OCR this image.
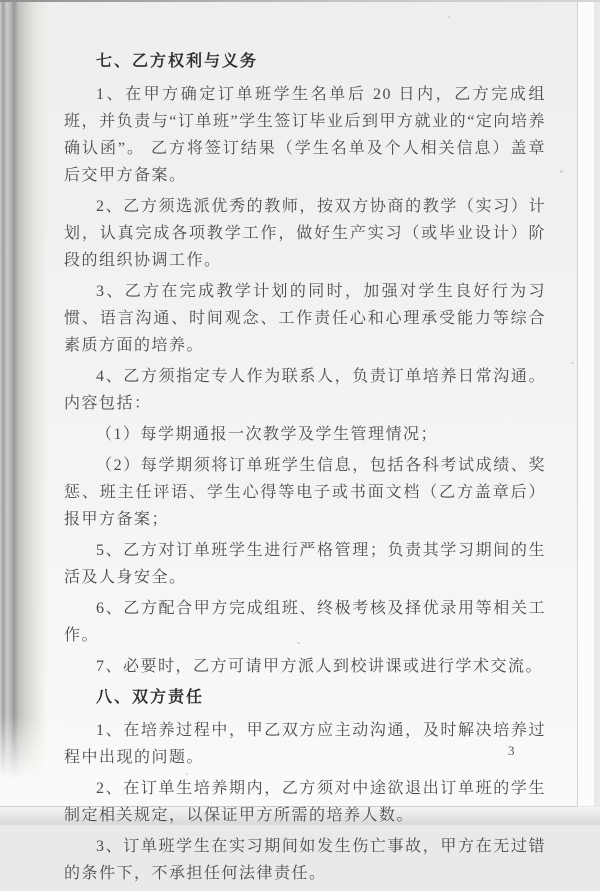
七、乙方权利与义务
1、在甲方确定订单班学生名单后 20 日内，乙方完成组班，并负责与“订单班”学生签订毕业后到甲方就业的“定向培养确认函”。 乙方将签订结果（学生名单及个人相关信息）盖章后交甲方备案。
2、乙方须选派优秀的教师，按双方协商的教学（实习）计划，认真完成各项教学工作，做好生产实习（或毕业设计）阶段的组织协调工作。
3、乙方在完成教学计划的同时，加强对学生良好行为习惯、语言沟通、时间观念、工作责任心和心理承受能力等综合素质方面的培养。
4、乙方须指定专人作为联系人，负责订单培养日常沟通。内容包括：
（1）每学期通报一次教学及学生管理情况；
（2）每学期须将订单班学生信息，包括各科考试成绩、奖惩、班主任评语、学生心得等电子或书面文档（乙方盖章后）报甲方备案；
5、乙方对订单班学生进行严格管理；负责其学习期间的生活及人身安全。
6、乙方配合甲方完成组班、终极考核及择优录用等相关工作。
7、必要时，乙方可请甲方派人到校讲课或进行学术交流。
八、双方责任
1、在培养过程中，甲乙双方应主动沟通，及时解决培养过程中出现的问题。
2、在订单生培养期内，乙方须对中途欲退出订单班的学生制定相关规定，以保证甲方所需的培养人数。
3、订单班学生在实习期间如发生伤亡事故，甲方在无过错的条件下，不承担任何法律责任。
3
